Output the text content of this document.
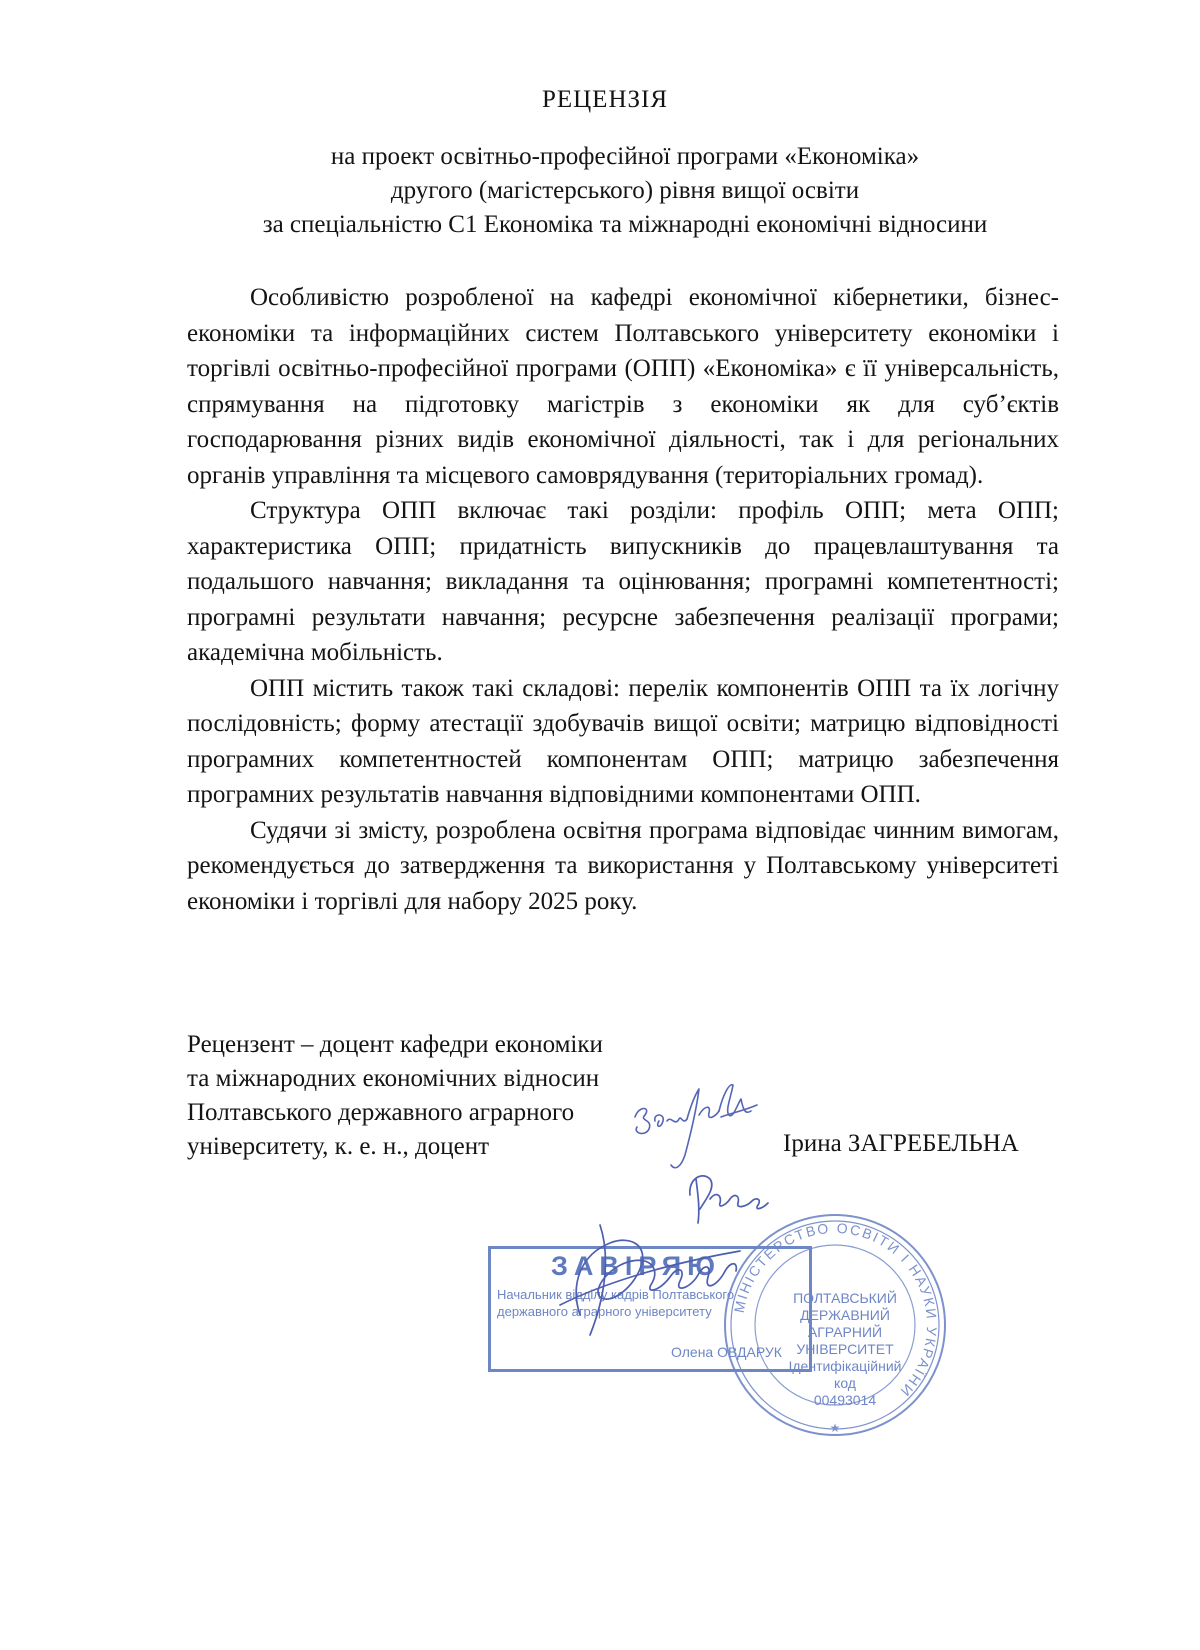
РЕЦЕНЗІЯ
на проект освітньо-професійної програми «Економіка»
другого (магістерського) рівня вищої освіти
за спеціальністю С1 Економіка та міжнародні економічні відносини

Особливістю розробленої на кафедрі економічної кібернетики, бізнес-економіки та інформаційних систем Полтавського університету економіки і торгівлі освітньо-професійної програми (ОПП) «Економіка» є її універсальність, спрямування на підготовку магістрів з економіки як для суб’єктів господарювання різних видів економічної діяльності, так і для регіональних органів управління та місцевого самоврядування (територіальних громад).

Структура ОПП включає такі розділи: профіль ОПП; мета ОПП; характеристика ОПП; придатність випускників до працевлаштування та подальшого навчання; викладання та оцінювання; програмні компетентності; програмні результати навчання; ресурсне забезпечення реалізації програми; академічна мобільність.

ОПП містить також такі складові: перелік компонентів ОПП та їх логічну послідовність; форму атестації здобувачів вищої освіти; матрицю відповідності програмних компетентностей компонентам ОПП; матрицю забезпечення програмних результатів навчання відповідними компонентами ОПП.

Судячи зі змісту, розроблена освітня програма відповідає чинним вимогам, рекомендується до затвердження та використання у Полтавському університеті економіки і торгівлі для набору 2025 року.

Рецензент – доцент кафедри економіки
та міжнародних економічних відносин
Полтавського державного аграрного
університету, к. е. н., доцент	Ірина ЗАГРЕБЕЛЬНА
МІНІСТЕРСТВО ОСВІТИ І НАУКИ УКРАЇНИ
★
ПОЛТАВСЬКИЙ
ДЕРЖАВНИЙ
АГРАРНИЙ
УНІВЕРСИТЕТ
Ідентифікаційний
код
00493014
ЗАВІРЯЮ
Начальник відділу кадрів Полтавського
державного аграрного університету
Олена ОВДАРУК
